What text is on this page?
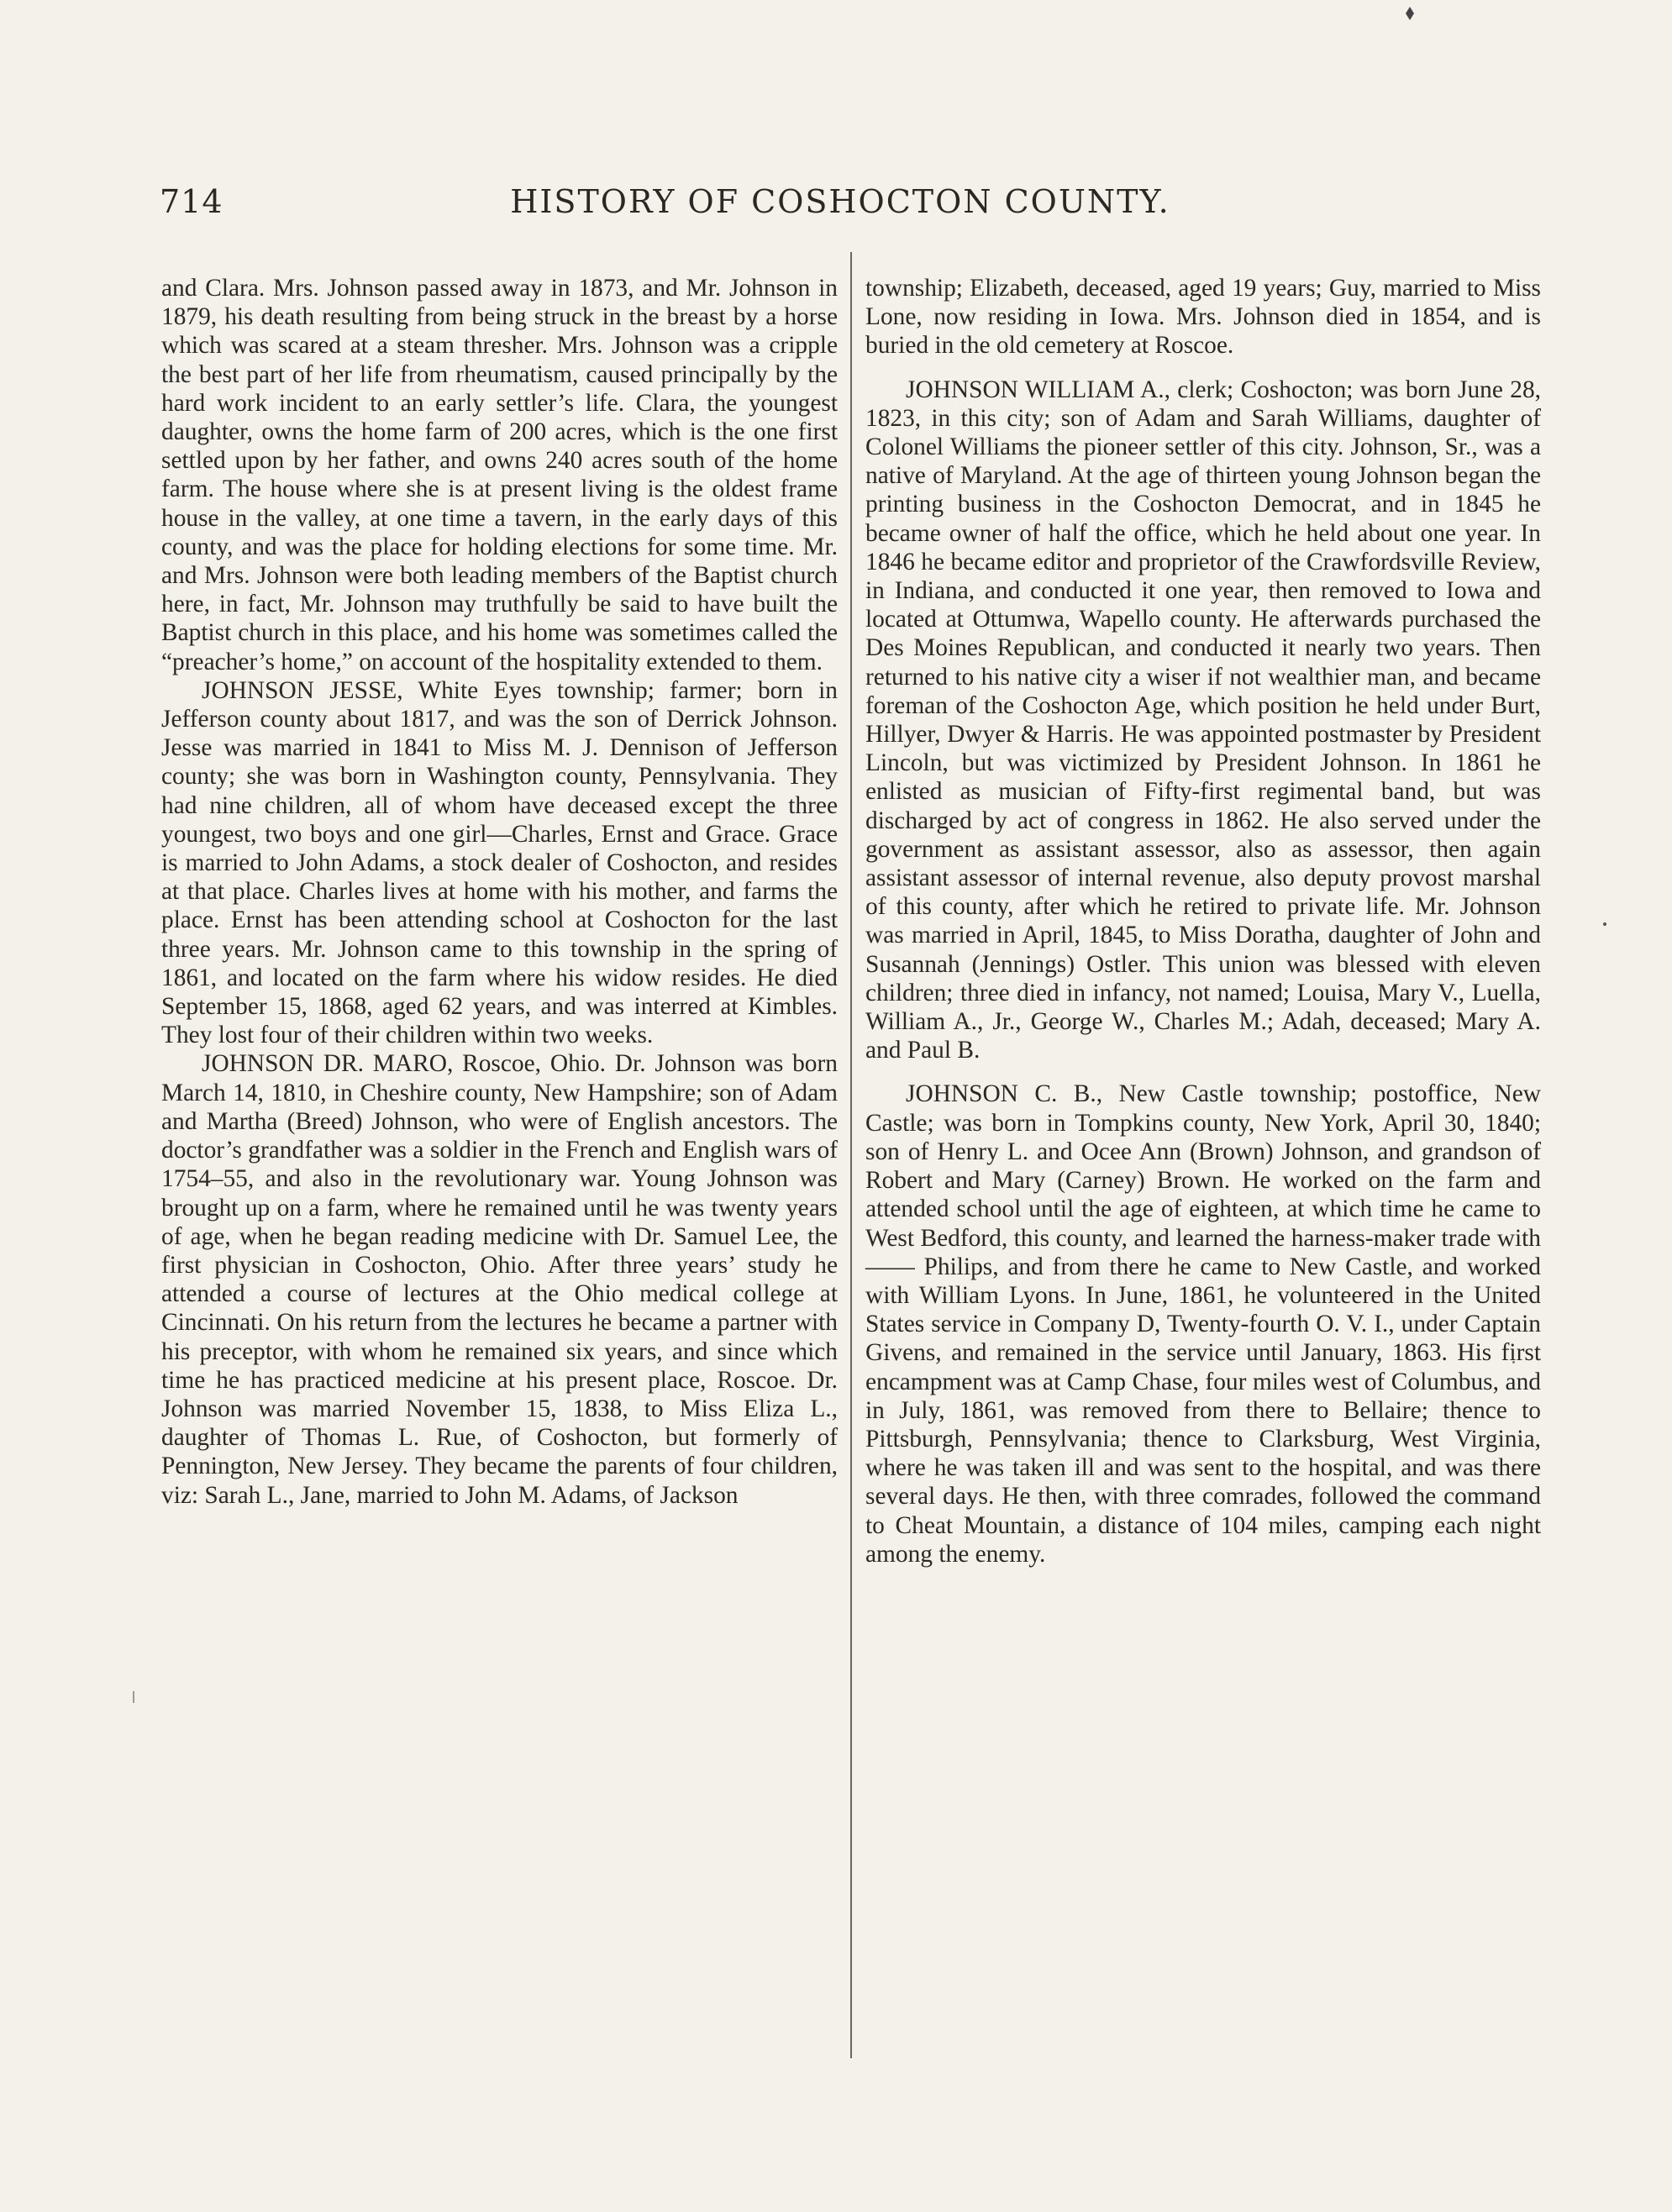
714	HISTORY OF COSHOCTON COUNTY.

and Clara. Mrs. Johnson passed away in 1873, and Mr. Johnson in 1879, his death resulting from being struck in the breast by a horse which was scared at a steam thresher. Mrs. Johnson was a cripple the best part of her life from rheumatism, caused principally by the hard work incident to an early settler’s life. Clara, the youngest daughter, owns the home farm of 200 acres, which is the one first settled upon by her father, and owns 240 acres south of the home farm. The house where she is at present living is the oldest frame house in the valley, at one time a tavern, in the early days of this county, and was the place for holding elections for some time. Mr. and Mrs. Johnson were both leading members of the Baptist church here, in fact, Mr. Johnson may truthfully be said to have built the Baptist church in this place, and his home was sometimes called the “preacher’s home,” on account of the hospitality extended to them.

JOHNSON JESSE, White Eyes township; farmer; born in Jefferson county about 1817, and was the son of Derrick Johnson. Jesse was married in 1841 to Miss M. J. Dennison of Jefferson county; she was born in Washington county, Pennsylvania. They had nine children, all of whom have deceased except the three youngest, two boys and one girl—Charles, Ernst and Grace. Grace is married to John Adams, a stock dealer of Coshocton, and resides at that place. Charles lives at home with his mother, and farms the place. Ernst has been attending school at Coshocton for the last three years. Mr. Johnson came to this township in the spring of 1861, and located on the farm where his widow resides. He died September 15, 1868, aged 62 years, and was interred at Kimbles. They lost four of their children within two weeks.

JOHNSON DR. MARO, Roscoe, Ohio. Dr. Johnson was born March 14, 1810, in Cheshire county, New Hampshire; son of Adam and Martha (Breed) Johnson, who were of English ancestors. The doctor’s grandfather was a soldier in the French and English wars of 1754–55, and also in the revolutionary war. Young Johnson was brought up on a farm, where he remained until he was twenty years of age, when he began reading medicine with Dr. Samuel Lee, the first physician in Coshocton, Ohio. After three years’ study he attended a course of lectures at the Ohio medical college at Cincinnati. On his return from the lectures he became a partner with his preceptor, with whom he remained six years, and since which time he has practiced medicine at his present place, Roscoe. Dr. Johnson was married November 15, 1838, to Miss Eliza L., daughter of Thomas L. Rue, of Coshocton, but formerly of Pennington, New Jersey. They became the parents of four children, viz: Sarah L., Jane, married to John M. Adams, of Jackson

township; Elizabeth, deceased, aged 19 years; Guy, married to Miss Lone, now residing in Iowa. Mrs. Johnson died in 1854, and is buried in the old cemetery at Roscoe.

JOHNSON WILLIAM A., clerk; Coshocton; was born June 28, 1823, in this city; son of Adam and Sarah Williams, daughter of Colonel Williams the pioneer settler of this city. Johnson, Sr., was a native of Maryland. At the age of thirteen young Johnson began the printing business in the Coshocton Democrat, and in 1845 he became owner of half the office, which he held about one year. In 1846 he became editor and proprietor of the Crawfordsville Review, in Indiana, and conducted it one year, then removed to Iowa and located at Ottumwa, Wapello county. He afterwards purchased the Des Moines Republican, and conducted it nearly two years. Then returned to his native city a wiser if not wealthier man, and became foreman of the Coshocton Age, which position he held under Burt, Hillyer, Dwyer & Harris. He was appointed postmaster by President Lincoln, but was victimized by President Johnson. In 1861 he enlisted as musician of Fifty-first regimental band, but was discharged by act of congress in 1862. He also served under the government as assistant assessor, also as assessor, then again assistant assessor of internal revenue, also deputy provost marshal of this county, after which he retired to private life. Mr. Johnson was married in April, 1845, to Miss Doratha, daughter of John and Susannah (Jennings) Ostler. This union was blessed with eleven children; three died in infancy, not named; Louisa, Mary V., Luella, William A., Jr., George W., Charles M.; Adah, deceased; Mary A. and Paul B.

JOHNSON C. B., New Castle township; postoffice, New Castle; was born in Tompkins county, New York, April 30, 1840; son of Henry L. and Ocee Ann (Brown) Johnson, and grandson of Robert and Mary (Carney) Brown. He worked on the farm and attended school until the age of eighteen, at which time he came to West Bedford, this county, and learned the harness-maker trade with —— Philips, and from there he came to New Castle, and worked with William Lyons. In June, 1861, he volunteered in the United States service in Company D, Twenty-fourth O. V. I., under Captain Givens, and remained in the service until January, 1863. His first encampment was at Camp Chase, four miles west of Columbus, and in July, 1861, was removed from there to Bellaire; thence to Pittsburgh, Pennsylvania; thence to Clarksburg, West Virginia, where he was taken ill and was sent to the hospital, and was there several days. He then, with three comrades, followed the command to Cheat Mountain, a distance of 104 miles, camping each night among the enemy.
